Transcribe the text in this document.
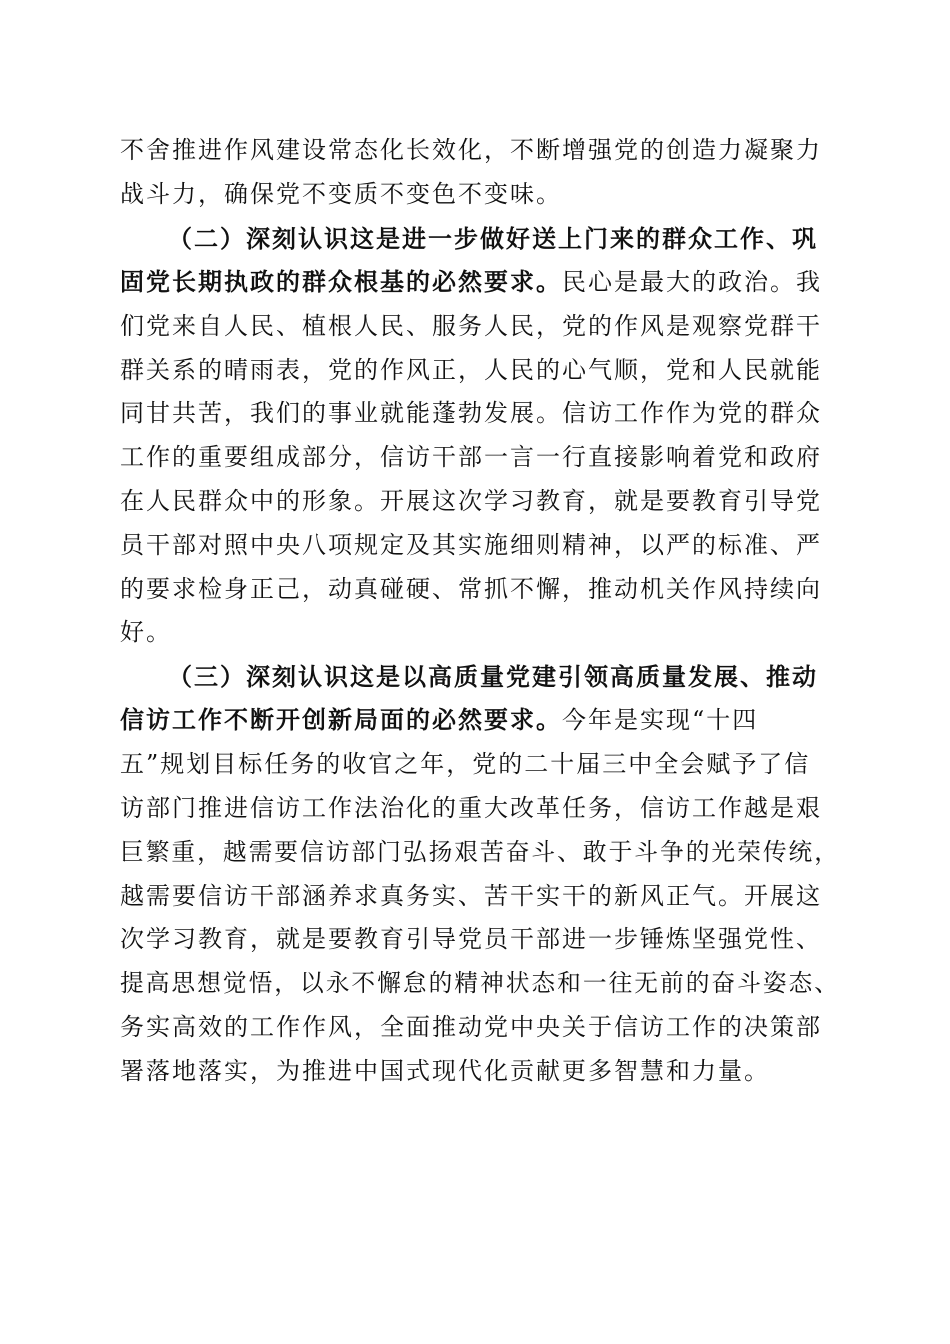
不舍推进作风建设常态化长效化，不断增强党的创造力凝聚力
战斗力，确保党不变质不变色不变味。
（二）深刻认识这是进一步做好送上门来的群众工作、巩
固党长期执政的群众根基的必然要求。民心是最大的政治。我
们党来自人民、植根人民、服务人民，党的作风是观察党群干
群关系的晴雨表，党的作风正，人民的心气顺，党和人民就能
同甘共苦，我们的事业就能蓬勃发展。信访工作作为党的群众
工作的重要组成部分，信访干部一言一行直接影响着党和政府
在人民群众中的形象。开展这次学习教育，就是要教育引导党
员干部对照中央八项规定及其实施细则精神，以严的标准、严
的要求检身正己，动真碰硬、常抓不懈，推动机关作风持续向
好。
（三）深刻认识这是以高质量党建引领高质量发展、推动
信访工作不断开创新局面的必然要求。今年是实现“十四
五”规划目标任务的收官之年，党的二十届三中全会赋予了信
访部门推进信访工作法治化的重大改革任务，信访工作越是艰
巨繁重，越需要信访部门弘扬艰苦奋斗、敢于斗争的光荣传统，
越需要信访干部涵养求真务实、苦干实干的新风正气。开展这
次学习教育，就是要教育引导党员干部进一步锤炼坚强党性、
提高思想觉悟，以永不懈怠的精神状态和一往无前的奋斗姿态、
务实高效的工作作风，全面推动党中央关于信访工作的决策部
署落地落实，为推进中国式现代化贡献更多智慧和力量。
